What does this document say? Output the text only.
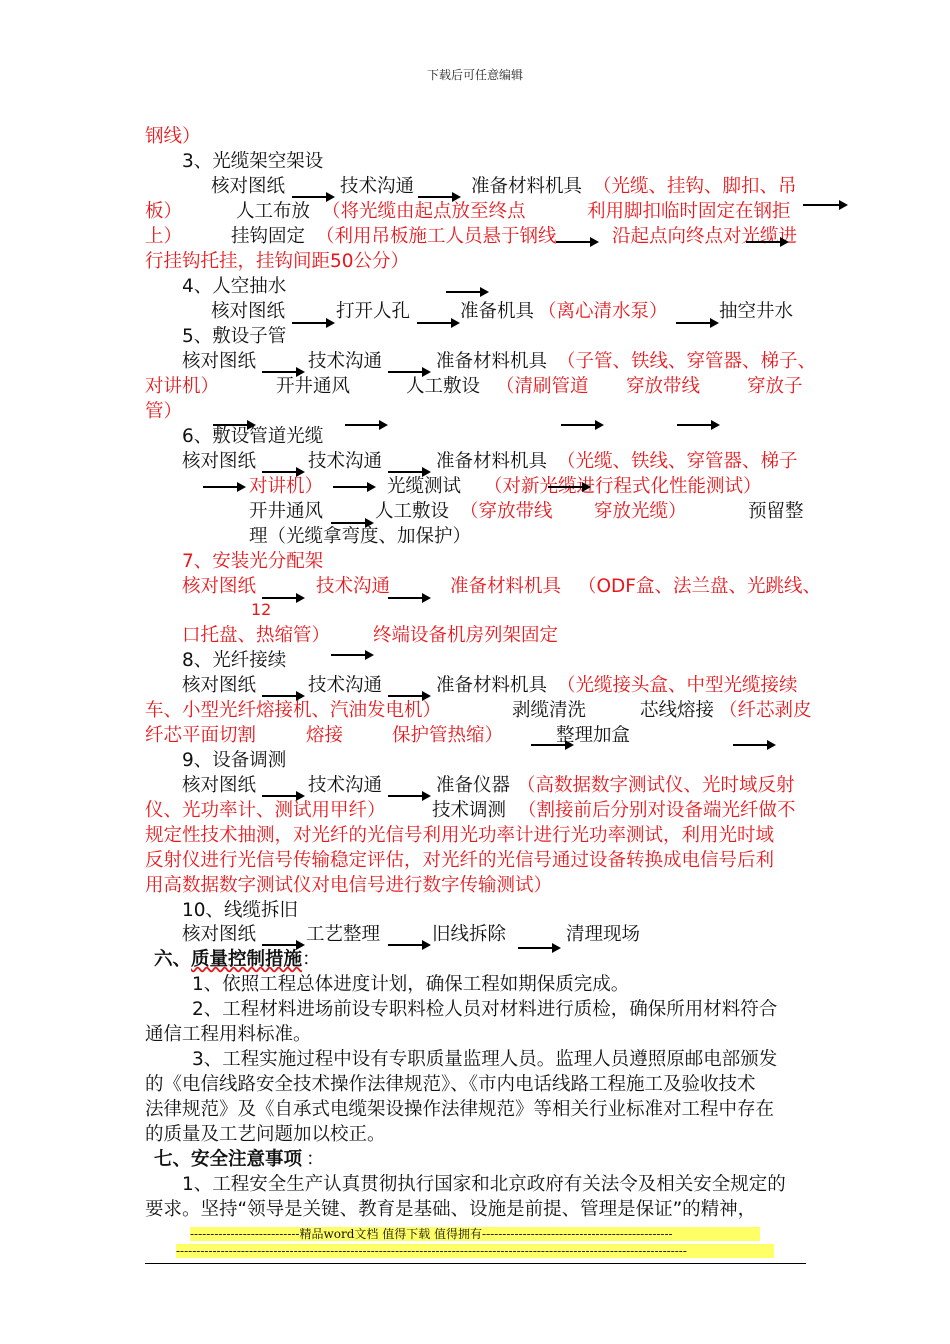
下载后可任意编辑
钢线）
3、光缆架空架设
核对图纸	技术沟通	准备材料机具 （光缆、挂钩、脚扣、吊
板）	人工布放 （将光缆由起点放至终点	利用脚扣临时固定在钢拒
上）	挂钩固定 （利用吊板施工人员悬于钢线	沿起点向终点对光缆进
行挂钩托挂，挂钩间距50公分）
4、人空抽水
核对图纸	打开人孔	准备机具 （离心清水泵）	抽空井水
5、敷设子管
核对图纸	技术沟通	准备材料机具 （子管、铁线、穿管器、梯子、
对讲机）	开井通风	人工敷设 （清刷管道 穿放带线	穿放子
管）
6、敷设管道光缆
核对图纸	技术沟通	准备材料机具 （光缆、铁线、穿管器、梯子
对讲机）	光缆测试 （对新光缆进行程式化性能测试）
开井通风	人工敷设 （穿放带线 穿放光缆）	预留整
理（光缆拿弯度、加保护）
7、安装光分配架
核对图纸	技术沟通	准备材料机具 （ODF盒、法兰盘、光跳线、
12
口托盘、热缩管） 终端设备机房列架固定
8、光纤接续
核对图纸	技术沟通	准备材料机具 （光缆接头盒、中型光缆接续
车、小型光纤熔接机、汽油发电机）	剥缆清洗	芯线熔接 （纤芯剥皮
纤芯平面切割	熔接	保护管热缩）	整理加盒
9、设备调测
核对图纸	技术沟通	准备仪器 （高数据数字测试仪、光时域反射
仪、光功率计、测试用甲纤）	技术调测 （割接前后分别对设备端光纤做不
规定性技术抽测，对光纤的光信号利用光功率计进行光功率测试，利用光时域
反射仪进行光信号传输稳定评估，对光纤的光信号通过设备转换成电信号后利
用高数据数字测试仪对电信号进行数字传输测试）
10、线缆拆旧
核对图纸	工艺整理	旧线拆除	清理现场
六、 质量控制措施 ：
1、依照工程总体进度计划，确保工程如期保质完成。
2、工程材料进场前设专职料检人员对材料进行质检，确保所用材料符合
通信工程用料标准。
3、工程实施过程中设有专职质量监理人员。监理人员遵照原邮电部颁发
的《电信线路安全技术操作法律规范》、《市内电话线路工程施工及验收技术
法律规范》及《自承式电缆架设操作法律规范》等相关行业标准对工程中存在
的质量及工艺问题加以校正。
七、安全注意事项 ：
1、工程安全生产认真贯彻执行国家和北京政府有关法令及相关安全规定的
要求。坚持“领导是关键、教育是基础、设施是前提、管理是保证”的精神，
---------------------------精品word文档 值得下载 值得拥有-----------------------------------------------
------------------------------------------------------------------------------------------------------------------------------
